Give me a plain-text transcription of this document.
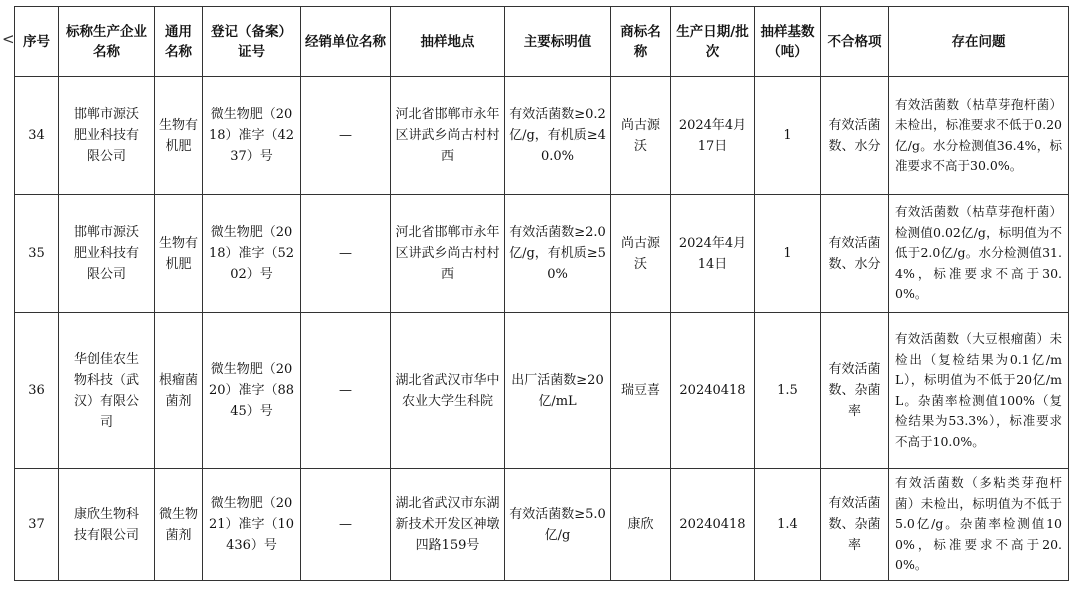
< 序号	标称生产企业名称	通用名称	登记（备案）证号	经销单位名称	抽样地点	主要标明值	商标名称	生产日期/批次	抽样基数（吨）	不合格项	存在问题
34	邯郸市源沃肥业科技有限公司	生物有机肥	微生物肥（2018）准字（4237）号	—	河北省邯郸市永年区讲武乡尚古村村西	有效活菌数≥0.2亿/g，有机质≥40.0%	尚古源沃	2024年4月17日	1	有效活菌数、水分	有效活菌数（枯草芽孢杆菌）未检出，标准要求不低于0.20亿/g。水分检测值36.4%，标准要求不高于30.0%。
35	邯郸市源沃肥业科技有限公司	生物有机肥	微生物肥（2018）准字（5202）号	—	河北省邯郸市永年区讲武乡尚古村村西	有效活菌数≥2.0亿/g，有机质≥50%	尚古源沃	2024年4月14日	1	有效活菌数、水分	有效活菌数（枯草芽孢杆菌）检测值0.02亿/g，标明值为不低于2.0亿/g。水分检测值31.4%，标准要求不高于30.0%。
36	华创佳农生物科技（武汉）有限公司	根瘤菌菌剂	微生物肥（2020）准字（8845）号	—	湖北省武汉市华中农业大学生科院	出厂活菌数≥20亿/mL	瑞豆喜	20240418	1.5	有效活菌数、杂菌率	有效活菌数（大豆根瘤菌）未检出（复检结果为0.1亿/mL），标明值为不低于20亿/mL。杂菌率检测值100%（复检结果为53.3%），标准要求不高于10.0%。
37	康欣生物科技有限公司	微生物菌剂	微生物肥（2021）准字（10436）号	—	湖北省武汉市东湖新技术开发区神墩四路159号	有效活菌数≥5.0亿/g	康欣	20240418	1.4	有效活菌数、杂菌率	有效活菌数（多粘类芽孢杆菌）未检出，标明值为不低于5.0亿/g。杂菌率检测值100%，标准要求不高于20.0%。
